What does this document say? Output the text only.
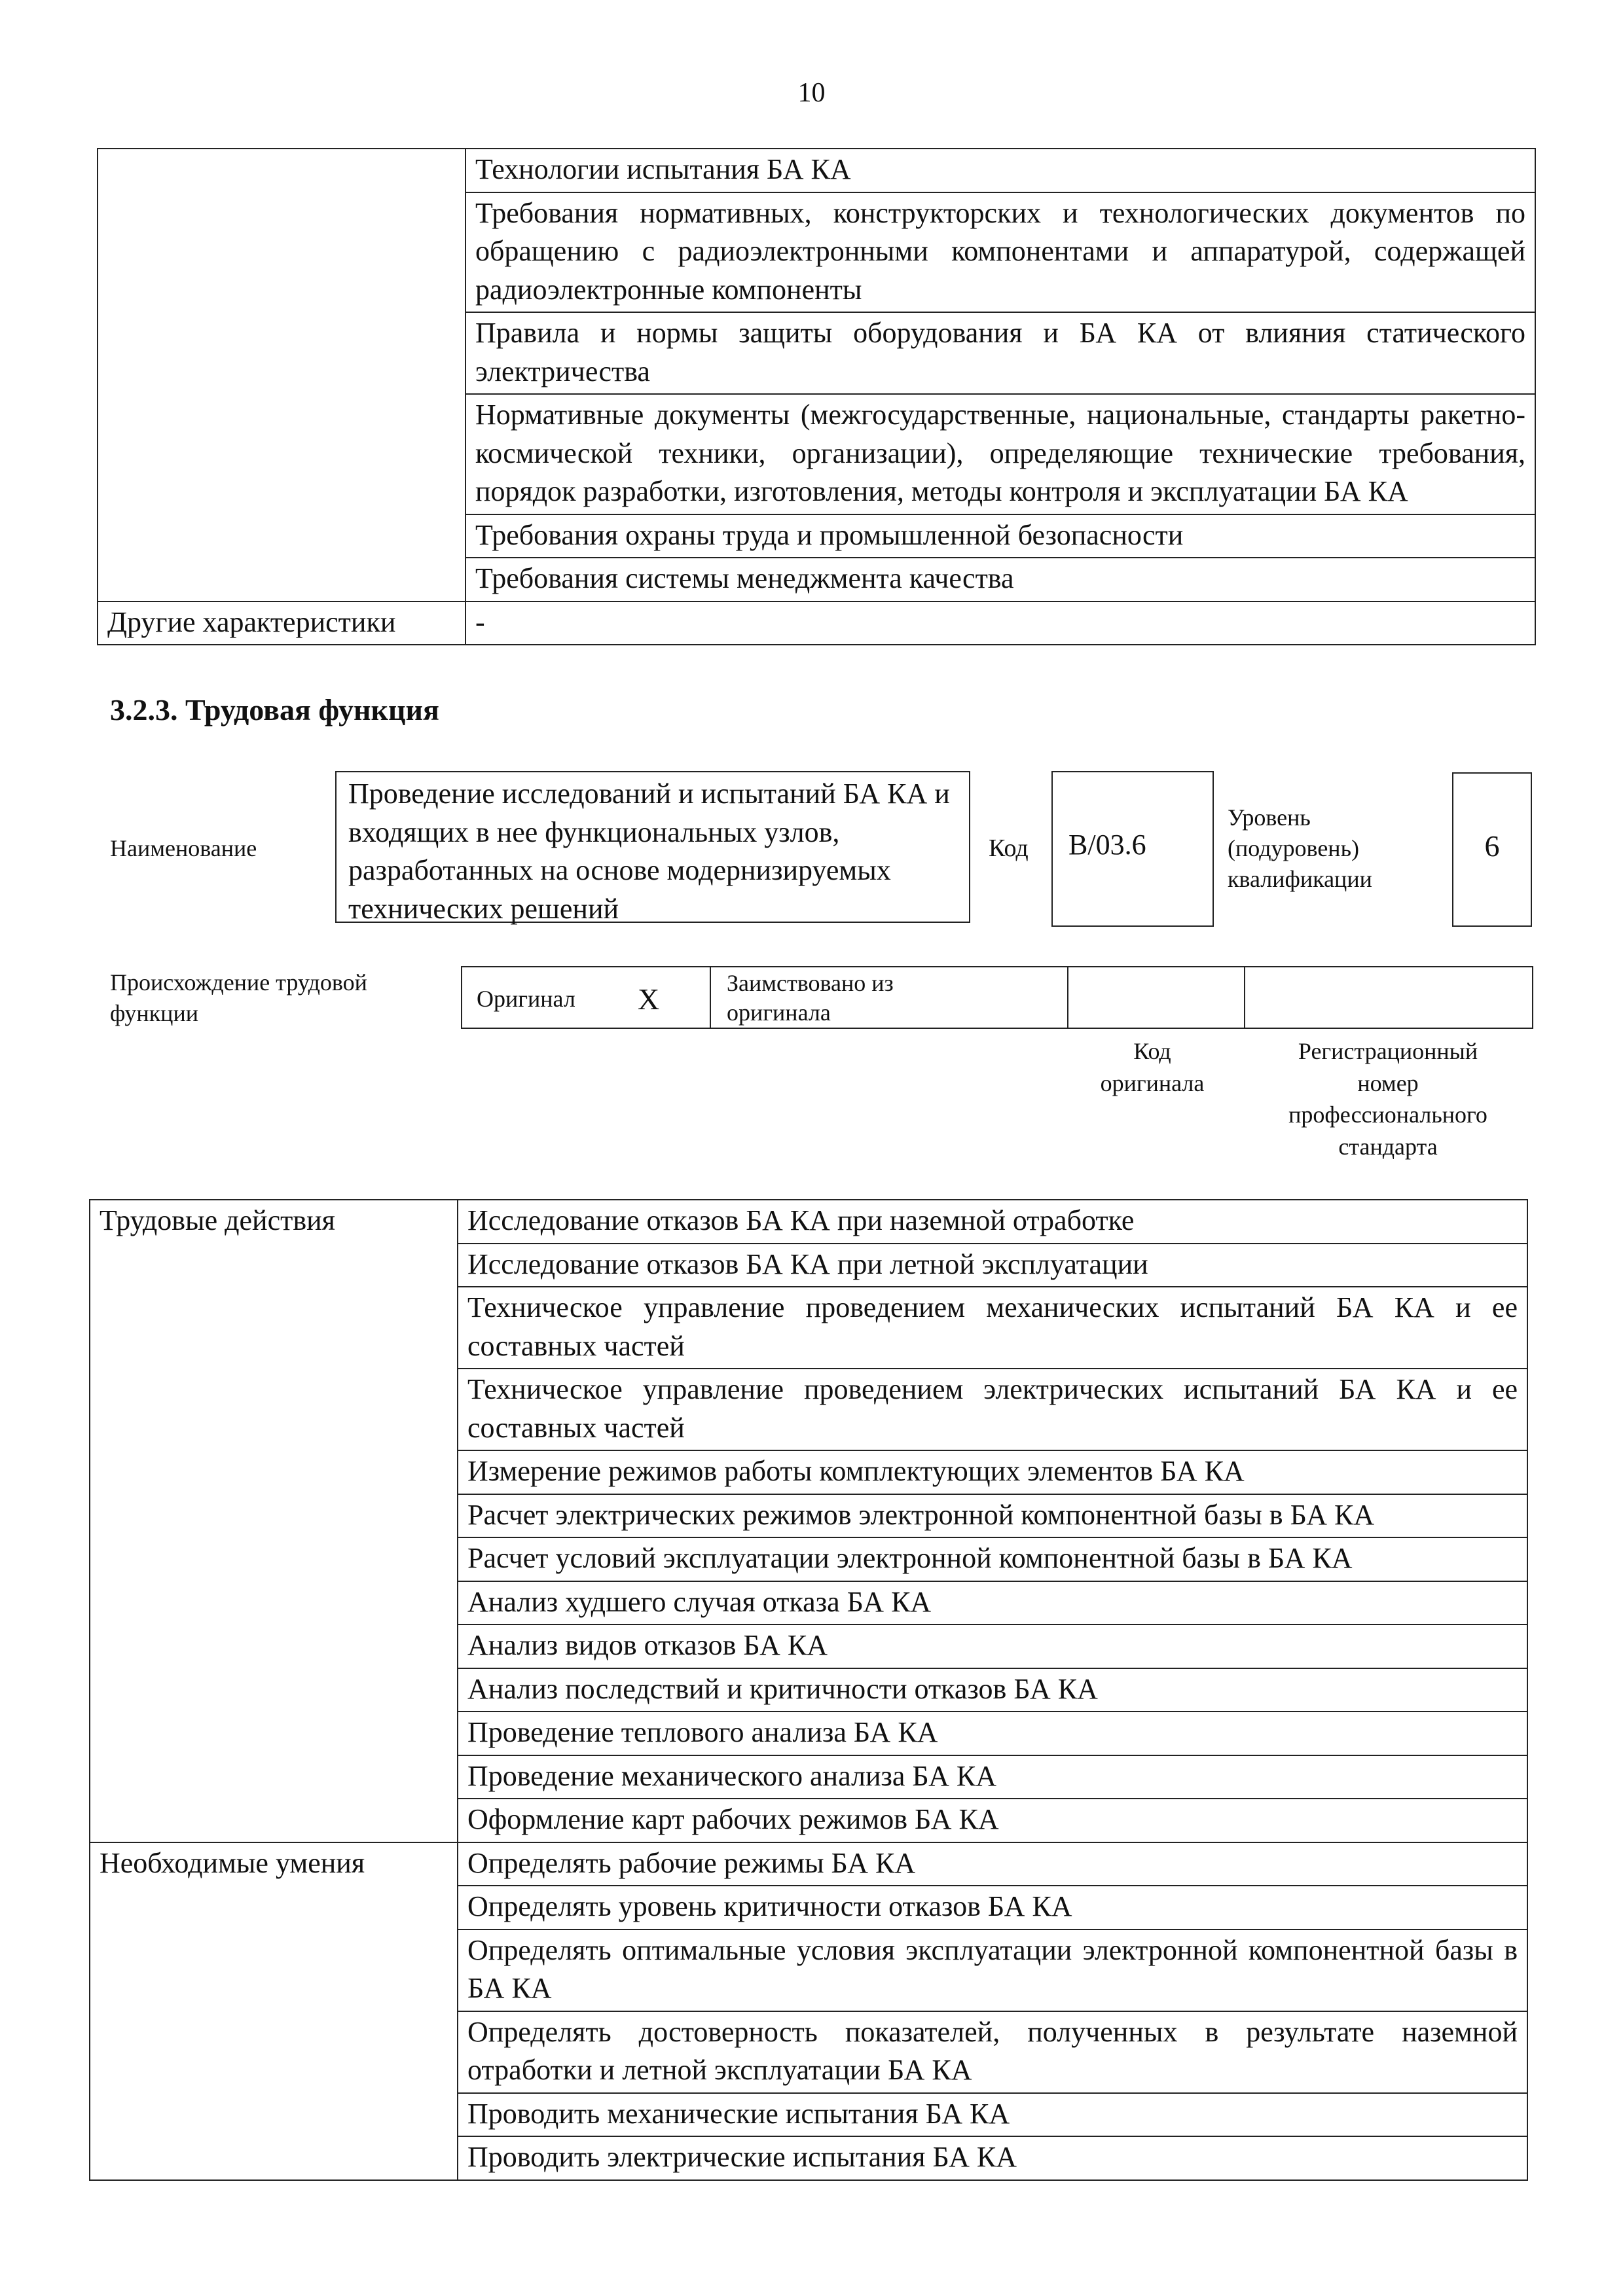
10
	Технологии испытания БА КА
	Требования нормативных, конструкторских и технологических документов по обращению с радиоэлектронными компонентами и аппаратурой, содержащей радиоэлектронные компоненты
	Правила и нормы защиты оборудования и БА КА от влияния статического электричества
	Нормативные документы (межгосударственные, национальные, стандарты ракетно-космической техники, организации), определяющие технические требования, порядок разработки, изготовления, методы контроля и эксплуатации БА КА
	Требования охраны труда и промышленной безопасности
	Требования системы менеджмента качества
Другие характеристики	-
3.2.3. Трудовая функция
Наименование
Проведение исследований и испытаний БА КА и входящих в нее функциональных узлов, разработанных на основе модернизируемых технических решений
Код	B/03.6
Уровень (подуровень) квалификации
6
Происхождение трудовой функции
Оригинал X	Заимствовано из оригинала
Код оригинала
Регистрационный номер профессионального стандарта
Трудовые действия	Исследование отказов БА КА при наземной отработке
	Исследование отказов БА КА при летной эксплуатации
	Техническое управление проведением механических испытаний БА КА и ее составных частей
	Техническое управление проведением электрических испытаний БА КА и ее составных частей
	Измерение режимов работы комплектующих элементов БА КА
	Расчет электрических режимов электронной компонентной базы в БА КА
	Расчет условий эксплуатации электронной компонентной базы в БА КА
	Анализ худшего случая отказа БА КА
	Анализ видов отказов БА КА
	Анализ последствий и критичности отказов БА КА
	Проведение теплового анализа БА КА
	Проведение механического анализа БА КА
	Оформление карт рабочих режимов БА КА
Необходимые умения	Определять рабочие режимы БА КА
	Определять уровень критичности отказов БА КА
	Определять оптимальные условия эксплуатации электронной компонентной базы в БА КА
	Определять достоверность показателей, полученных в результате наземной отработки и летной эксплуатации БА КА
	Проводить механические испытания БА КА
	Проводить электрические испытания БА КА
